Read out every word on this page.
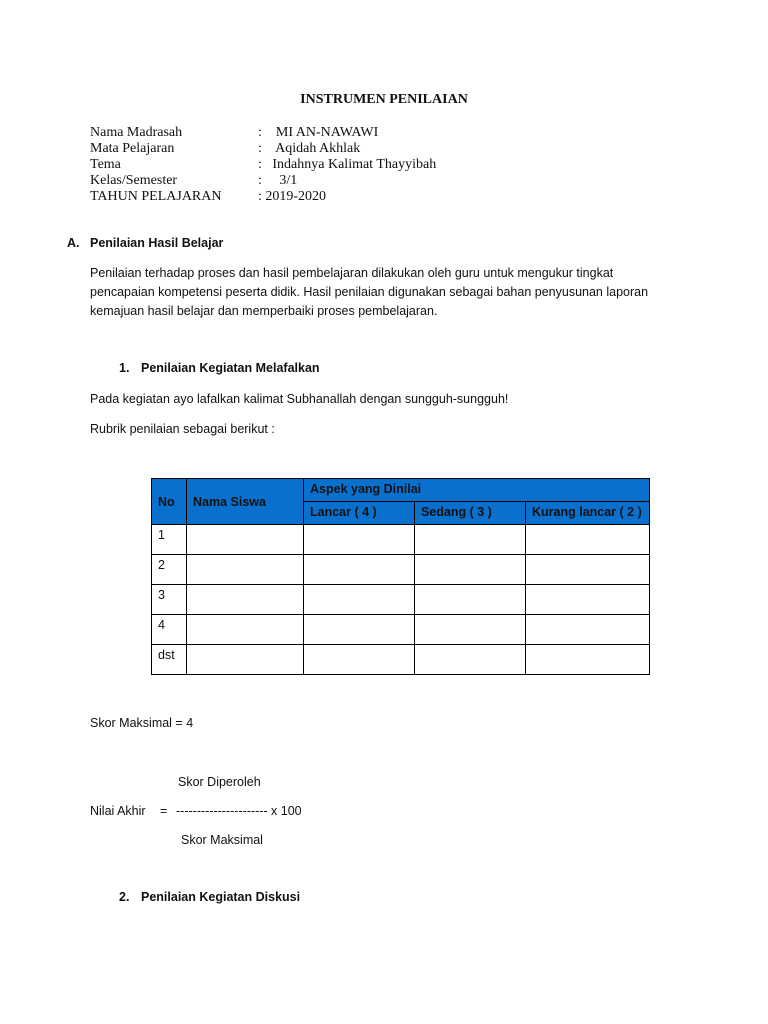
INSTRUMEN PENILAIAN
Nama Madrasah	:    MI AN-NAWAWI
Mata Pelajaran	:    Aqidah Akhlak
Tema	:   Indahnya Kalimat Thayyibah
Kelas/Semester	:     3/1
TAHUN PELAJARAN	: 2019-2020
A. Penilaian Hasil Belajar
Penilaian terhadap proses dan hasil pembelajaran dilakukan oleh guru untuk mengukur tingkat
pencapaian kompetensi peserta didik. Hasil penilaian digunakan sebagai bahan penyusunan laporan
kemajuan hasil belajar dan memperbaiki proses pembelajaran.
1. Penilaian Kegiatan Melafalkan
Pada kegiatan ayo lafalkan kalimat Subhanallah dengan sungguh-sungguh!
Rubrik penilaian sebagai berikut :
No	Nama Siswa	Aspek yang Dinilai		
		Lancar ( 4 )	Sedang ( 3 )	Kurang lancar ( 2 )
1				
2				
3				
4				
dst				
Skor Maksimal = 4
Skor Diperoleh
Nilai Akhir = ---------------------- x 100
Skor Maksimal
2. Penilaian Kegiatan Diskusi
